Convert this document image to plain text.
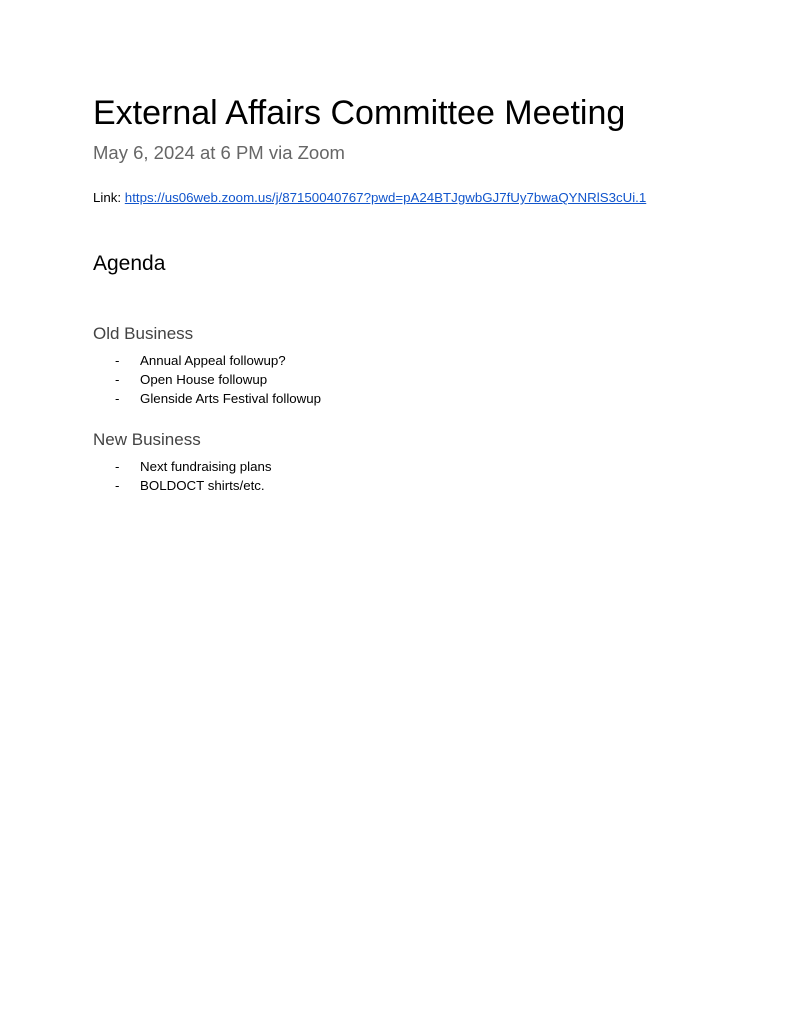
External Affairs Committee Meeting
May 6, 2024 at 6 PM via Zoom
Link: https://us06web.zoom.us/j/87150040767?pwd=pA24BTJgwbGJ7fUy7bwaQYNRlS3cUi.1
Agenda
Old Business
- Annual Appeal followup?
- Open House followup
- Glenside Arts Festival followup
New Business
- Next fundraising plans
- BOLDOCT shirts/etc.
